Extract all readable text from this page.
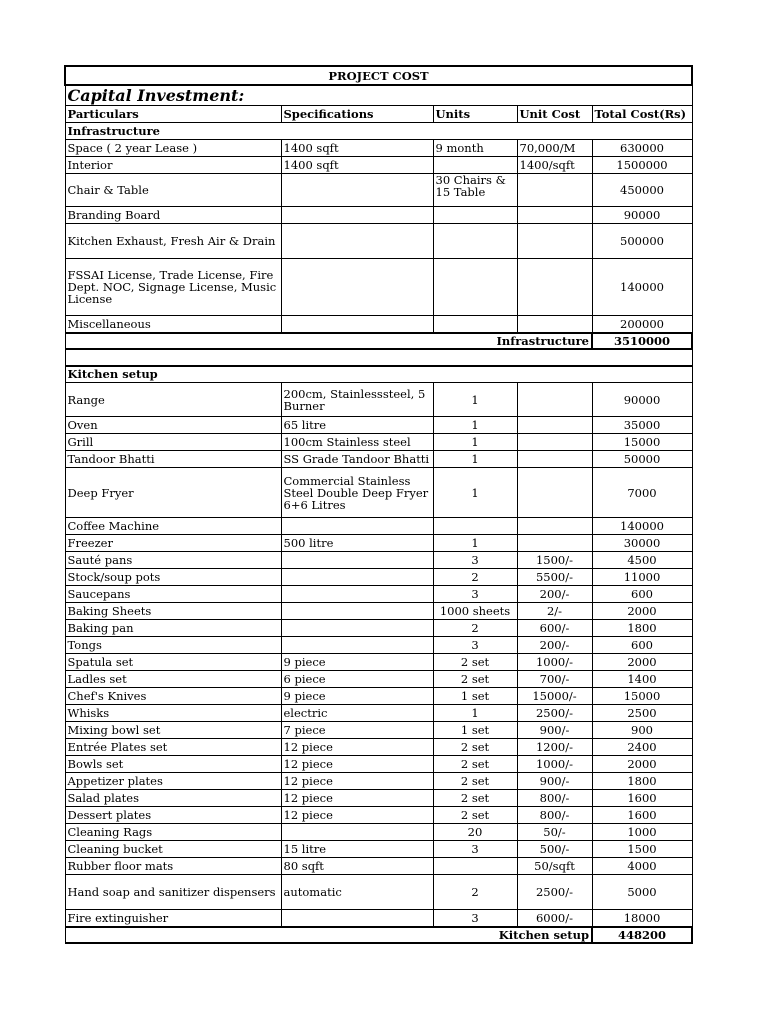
PROJECT COST				
Capital Investment:				
Particulars	Specifications	Units	Unit Cost	Total Cost(Rs)
Infrastructure				
Space ( 2 year Lease )	1400 sqft	9 month	70,000/M	630000
Interior	1400 sqft		1400/sqft	1500000
Chair & Table		30 Chairs & 15 Table		450000
Branding Board				90000
Kitchen Exhaust, Fresh Air & Drain				500000
FSSAI License, Trade License, Fire Dept. NOC, Signage License, Music License				140000
Miscellaneous				200000
Infrastructure				3510000

Kitchen setup				
Range	200cm, Stainlesssteel, 5 Burner	1		90000
Oven	65 litre	1		35000
Grill	100cm Stainless steel	1		15000
Tandoor Bhatti	SS Grade Tandoor Bhatti	1		50000
Deep Fryer	Commercial Stainless Steel Double Deep Fryer 6+6 Litres	1		7000
Coffee Machine				140000
Freezer	500 litre	1		30000
Sauté pans		3	1500/-	4500
Stock/soup pots		2	5500/-	11000
Saucepans		3	200/-	600
Baking Sheets		1000 sheets	2/-	2000
Baking pan		2	600/-	1800
Tongs		3	200/-	600
Spatula set	9 piece	2 set	1000/-	2000
Ladles set	6 piece	2 set	700/-	1400
Chef's Knives	9 piece	1 set	15000/-	15000
Whisks	electric	1	2500/-	2500
Mixing bowl set	7 piece	1 set	900/-	900
Entrée Plates set	12 piece	2 set	1200/-	2400
Bowls set	12 piece	2 set	1000/-	2000
Appetizer plates	12 piece	2 set	900/-	1800
Salad plates	12 piece	2 set	800/-	1600
Dessert plates	12 piece	2 set	800/-	1600
Cleaning Rags		20	50/-	1000
Cleaning bucket	15 litre	3	500/-	1500
Rubber floor mats	80 sqft		50/sqft	4000
Hand soap and sanitizer dispensers	automatic	2	2500/-	5000
Fire extinguisher		3	6000/-	18000
Kitchen setup				448200
